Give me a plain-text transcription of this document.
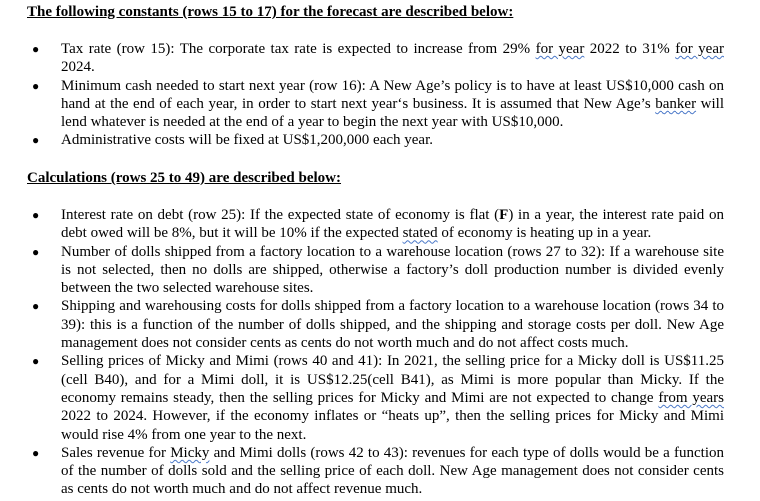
The following constants (rows 15 to 17) for the forecast are described below:
● Tax rate (row 15): The corporate tax rate is expected to increase from 29% for year 2022 to 31% for year 2024.
● Minimum cash needed to start next year (row 16): A New Age’s policy is to have at least US$10,000 cash on hand at the end of each year, in order to start next year‘s business. It is assumed that New Age’s banker will lend whatever is needed at the end of a year to begin the next year with US$10,000.
● Administrative costs will be fixed at US$1,200,000 each year.
Calculations (rows 25 to 49) are described below:
● Interest rate on debt (row 25): If the expected state of economy is flat (F) in a year, the interest rate paid on debt owed will be 8%, but it will be 10% if the expected stated of economy is heating up in a year.
● Number of dolls shipped from a factory location to a warehouse location (rows 27 to 32): If a warehouse site is not selected, then no dolls are shipped, otherwise a factory’s doll production number is divided evenly between the two selected warehouse sites.
● Shipping and warehousing costs for dolls shipped from a factory location to a warehouse location (rows 34 to 39): this is a function of the number of dolls shipped, and the shipping and storage costs per doll. New Age management does not consider cents as cents do not worth much and do not affect costs much.
● Selling prices of Micky and Mimi (rows 40 and 41): In 2021, the selling price for a Micky doll is US$11.25 (cell B40), and for a Mimi doll, it is US$12.25(cell B41), as Mimi is more popular than Micky. If the economy remains steady, then the selling prices for Micky and Mimi are not expected to change from years 2022 to 2024. However, if the economy inflates or “heats up”, then the selling prices for Micky and Mimi would rise 4% from one year to the next.
● Sales revenue for Micky and Mimi dolls (rows 42 to 43): revenues for each type of dolls would be a function of the number of dolls sold and the selling price of each doll. New Age management does not consider cents as cents do not worth much and do not affect revenue much.
